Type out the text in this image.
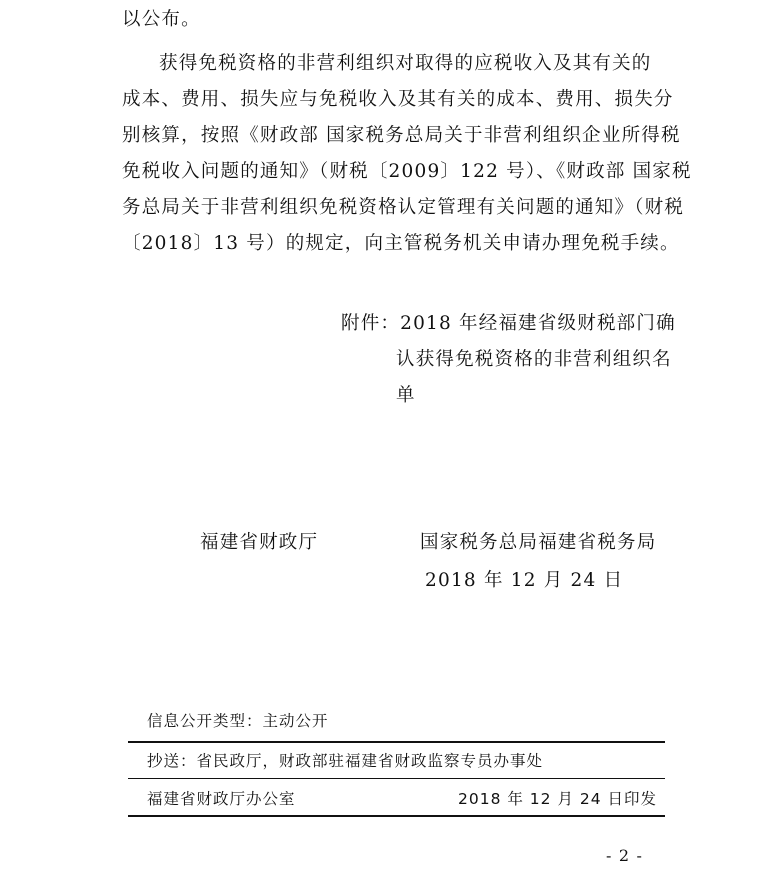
以公布。
获得免税资格的非营利组织对取得的应税收入及其有关的
成本、费用、损失应与免税收入及其有关的成本、费用、损失分
别核算，按照《财政部 国家税务总局关于非营利组织企业所得税
免税收入问题的通知》（财税〔2009〕122 号）、《财政部 国家税
务总局关于非营利组织免税资格认定管理有关问题的通知》（财税
〔2018〕13 号）的规定，向主管税务机关申请办理免税手续。
附件：2018 年经福建省级财税部门确
认获得免税资格的非营利组织名
单
福建省财政厅	国家税务总局福建省税务局
2018 年 12 月 24 日
信息公开类型：主动公开
抄送：省民政厅，财政部驻福建省财政监察专员办事处
福建省财政厅办公室	2018 年 12 月 24 日印发
- 2 -
